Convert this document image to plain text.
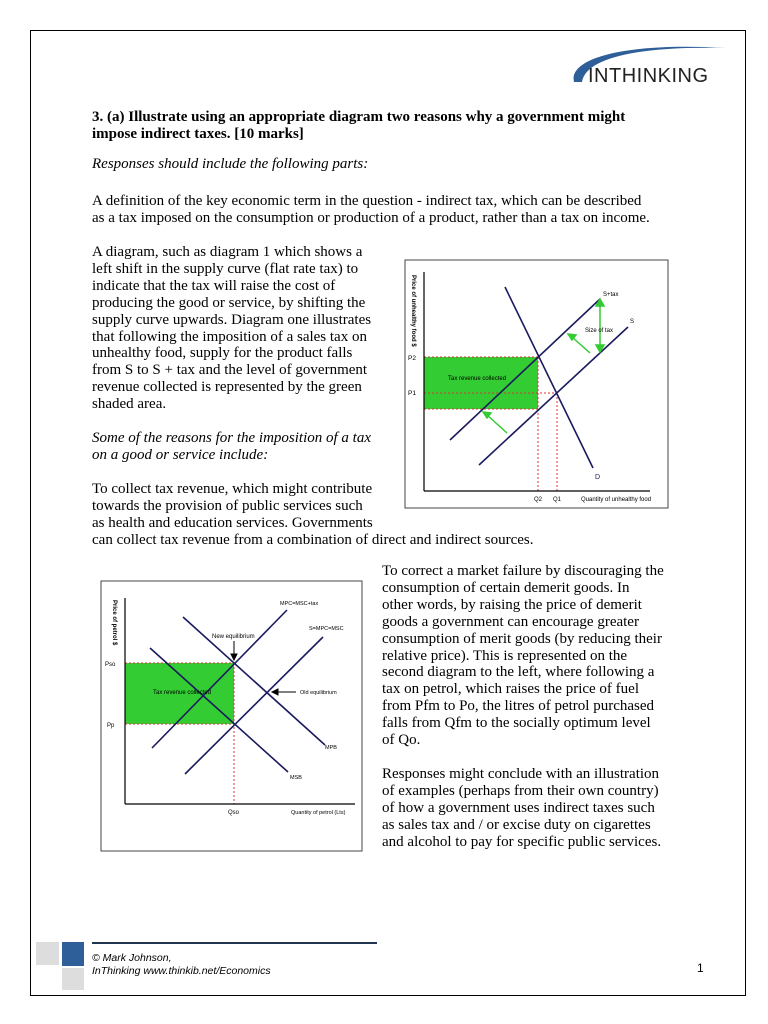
INTHINKING
3. (a) Illustrate using an appropriate diagram two reasons why a government might
impose indirect taxes. [10 marks]
Responses should include the following parts:
A definition of the key economic term in the question - indirect tax, which can be described
as a tax imposed on the consumption or production of a product, rather than a tax on income.
A diagram, such as diagram 1 which shows a
left shift in the supply curve (flat rate tax) to
indicate that the tax will raise the cost of
producing the good or service, by shifting the
supply curve upwards. Diagram one illustrates
that following the imposition of a sales tax on
unhealthy food, supply for the product falls
from S to S + tax and the level of government
revenue collected is represented by the green
shaded area.
Some of the reasons for the imposition of a tax
on a good or service include:
To collect tax revenue, which might contribute
towards the provision of public services such
as health and education services. Governments
can collect tax revenue from a combination of direct and indirect sources.
To correct a market failure by discouraging the
consumption of certain demerit goods. In
other words, by raising the price of demerit
goods a government can encourage greater
consumption of merit goods (by reducing their
relative price). This is represented on the
second diagram to the left, where following a
tax on petrol, which raises the price of fuel
from Pfm to Po, the litres of petrol purchased
falls from Qfm to the socially optimum level
of Qo.
Responses might conclude with an illustration
of examples (perhaps from their own country)
of how a government uses indirect taxes such
as sales tax and / or excise duty on cigarettes
and alcohol to pay for specific public services.
Price of unhealthy food $
P2
P1
Q2 Q1	Quantity of unhealthy food
S+tax
S
Size of tax
D
Tax revenue collected
Price of petrol $
Pso
Pp
Qso	Quantity of petrol (Lts)
MPC=MSC+tax
S=MPC=MSC
New equilibrium
Old equilibrium
MPB
MSB
Tax revenue collected
© Mark Johnson,
InThinking www.thinkib.net/Economics	1
